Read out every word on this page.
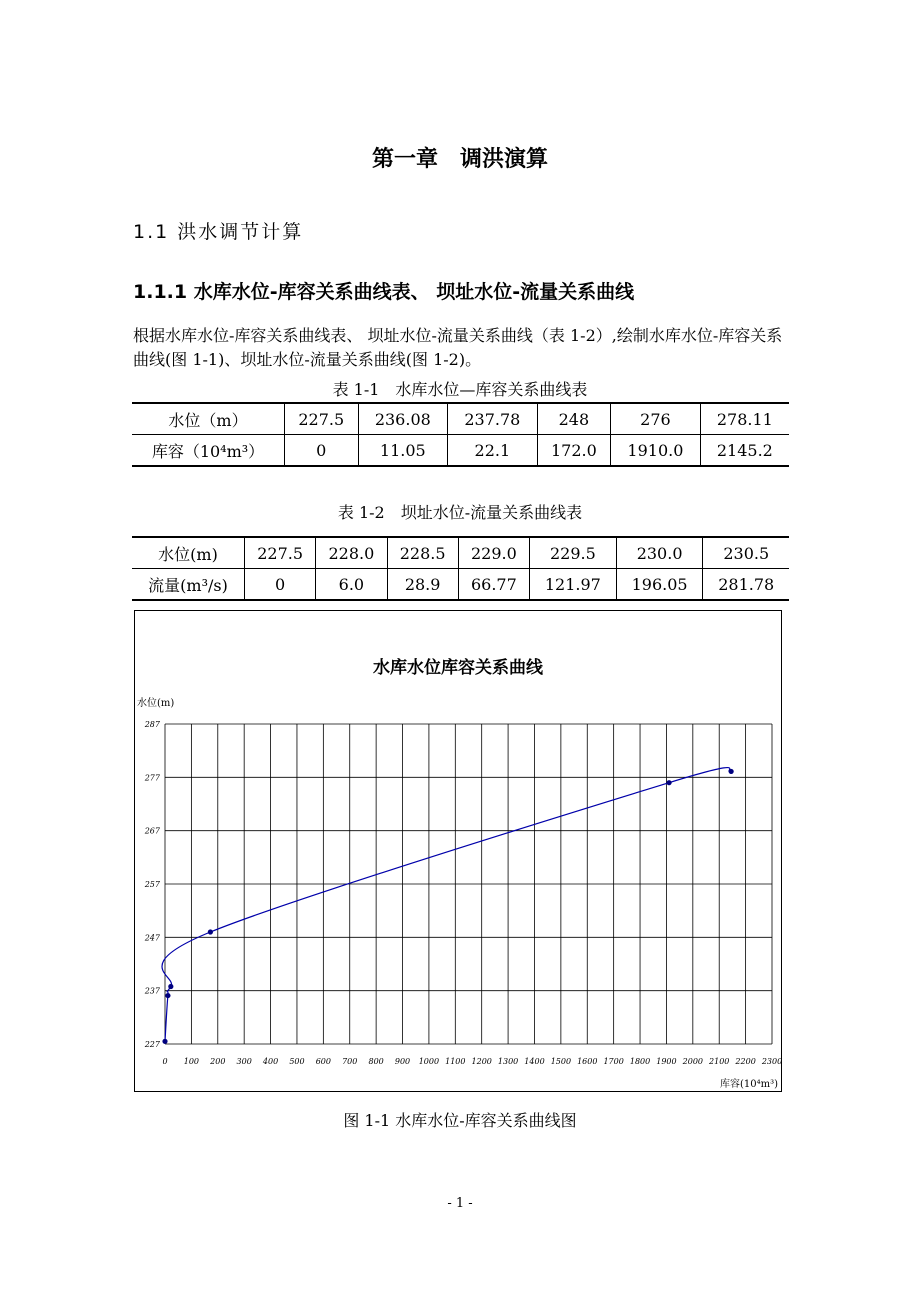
第一章　调洪演算
1.1 洪水调节计算
1.1.1 水库水位-库容关系曲线表、 坝址水位-流量关系曲线
根据水库水位-库容关系曲线表、 坝址水位-流量关系曲线（表 1-2）,绘制水库水位-库容关系曲线(图 1-1)、坝址水位-流量关系曲线(图 1-2)。
表 1-1　水库水位—库容关系曲线表
水位（m）	227.5	236.08	237.78	248	276	278.11
库容（10⁴m³）	0	11.05	22.1	172.0	1910.0	2145.2
表 1-2　坝址水位-流量关系曲线表
水位(m)	227.5	228.0	228.5	229.0	229.5	230.0	230.5
流量(m³/s)	0	6.0	28.9	66.77	121.97	196.05	281.78
水库水位库容关系曲线
水位(m)
库容(10⁴m³)
0 100 200 300 400 500 600 700 800 900 1000 1100 1200 1300 1400 1500 1600 1700 1800 1900 2000 2100 2200 2300
227
237
247
257
267
277
287
图 1-1 水库水位-库容关系曲线图
- 1 -
